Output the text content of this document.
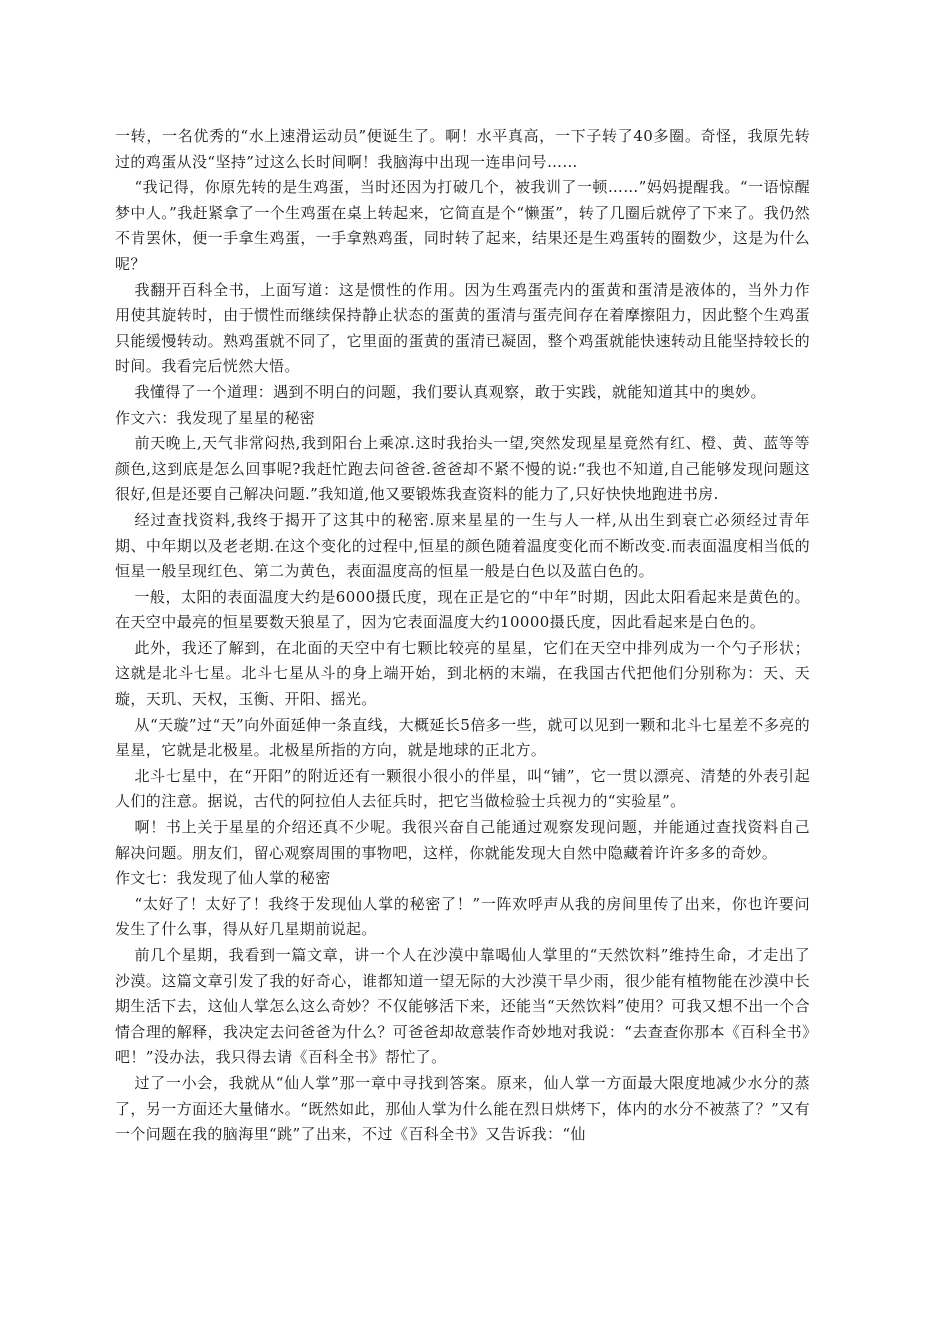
一转，一名优秀的“水上速滑运动员”便诞生了。啊！水平真高，一下子转了40多圈。奇怪，我原先转过的鸡蛋从没“坚持”过这么长时间啊！我脑海中出现一连串问号……

“我记得，你原先转的是生鸡蛋，当时还因为打破几个，被我训了一顿……”妈妈提醒我。“一语惊醒梦中人。”我赶紧拿了一个生鸡蛋在桌上转起来，它简直是个“懒蛋”，转了几圈后就停了下来了。我仍然不肯罢休，便一手拿生鸡蛋，一手拿熟鸡蛋，同时转了起来，结果还是生鸡蛋转的圈数少，这是为什么呢？

我翻开百科全书，上面写道：这是惯性的作用。因为生鸡蛋壳内的蛋黄和蛋清是液体的，当外力作用使其旋转时，由于惯性而继续保持静止状态的蛋黄的蛋清与蛋壳间存在着摩擦阻力，因此整个生鸡蛋只能缓慢转动。熟鸡蛋就不同了，它里面的蛋黄的蛋清已凝固，整个鸡蛋就能快速转动且能坚持较长的时间。我看完后恍然大悟。

我懂得了一个道理：遇到不明白的问题，我们要认真观察，敢于实践，就能知道其中的奥妙。

作文六：我发现了星星的秘密

前天晚上,天气非常闷热,我到阳台上乘凉.这时我抬头一望,突然发现星星竟然有红、橙、黄、蓝等等颜色,这到底是怎么回事呢?我赶忙跑去问爸爸.爸爸却不紧不慢的说:“我也不知道,自己能够发现问题这很好,但是还要自己解决问题.”我知道,他又要锻炼我查资料的能力了,只好快快地跑进书房.

经过查找资料,我终于揭开了这其中的秘密.原来星星的一生与人一样,从出生到衰亡必须经过青年期、中年期以及老老期.在这个变化的过程中,恒星的颜色随着温度变化而不断改变.而表面温度相当低的恒星一般呈现红色、第二为黄色，表面温度高的恒星一般是白色以及蓝白色的。

一般，太阳的表面温度大约是6000摄氏度，现在正是它的“中年”时期，因此太阳看起来是黄色的。在天空中最亮的恒星要数天狼星了，因为它表面温度大约10000摄氏度，因此看起来是白色的。

此外，我还了解到，在北面的天空中有七颗比较亮的星星，它们在天空中排列成为一个勺子形状；这就是北斗七星。北斗七星从斗的身上端开始，到北柄的末端，在我国古代把他们分别称为：天、天璇，天玑、天权，玉衡、开阳、摇光。

从“天璇”过“天”向外面延伸一条直线，大概延长5倍多一些，就可以见到一颗和北斗七星差不多亮的星星，它就是北极星。北极星所指的方向，就是地球的正北方。

北斗七星中，在“开阳”的附近还有一颗很小很小的伴星，叫“铺”，它一贯以漂亮、清楚的外表引起人们的注意。据说，古代的阿拉伯人去征兵时，把它当做检验士兵视力的“实验星”。

啊！书上关于星星的介绍还真不少呢。我很兴奋自己能通过观察发现问题，并能通过查找资料自己解决问题。朋友们，留心观察周围的事物吧，这样，你就能发现大自然中隐藏着许许多多的奇妙。

作文七：我发现了仙人掌的秘密

“太好了！太好了！我终于发现仙人掌的秘密了！”一阵欢呼声从我的房间里传了出来，你也许要问发生了什么事，得从好几星期前说起。

前几个星期，我看到一篇文章，讲一个人在沙漠中靠喝仙人掌里的“天然饮料”维持生命，才走出了沙漠。这篇文章引发了我的好奇心，谁都知道一望无际的大沙漠干旱少雨，很少能有植物能在沙漠中长期生活下去，这仙人掌怎么这么奇妙？不仅能够活下来，还能当“天然饮料”使用？可我又想不出一个合情合理的解释，我决定去问爸爸为什么？可爸爸却故意装作奇妙地对我说：“去查查你那本《百科全书》吧！”没办法，我只得去请《百科全书》帮忙了。

过了一小会，我就从“仙人掌”那一章中寻找到答案。原来，仙人掌一方面最大限度地减少水分的蒸了，另一方面还大量储水。“既然如此，那仙人掌为什么能在烈日烘烤下，体内的水分不被蒸了？”又有一个问题在我的脑海里“跳”了出来，不过《百科全书》又告诉我：“仙
